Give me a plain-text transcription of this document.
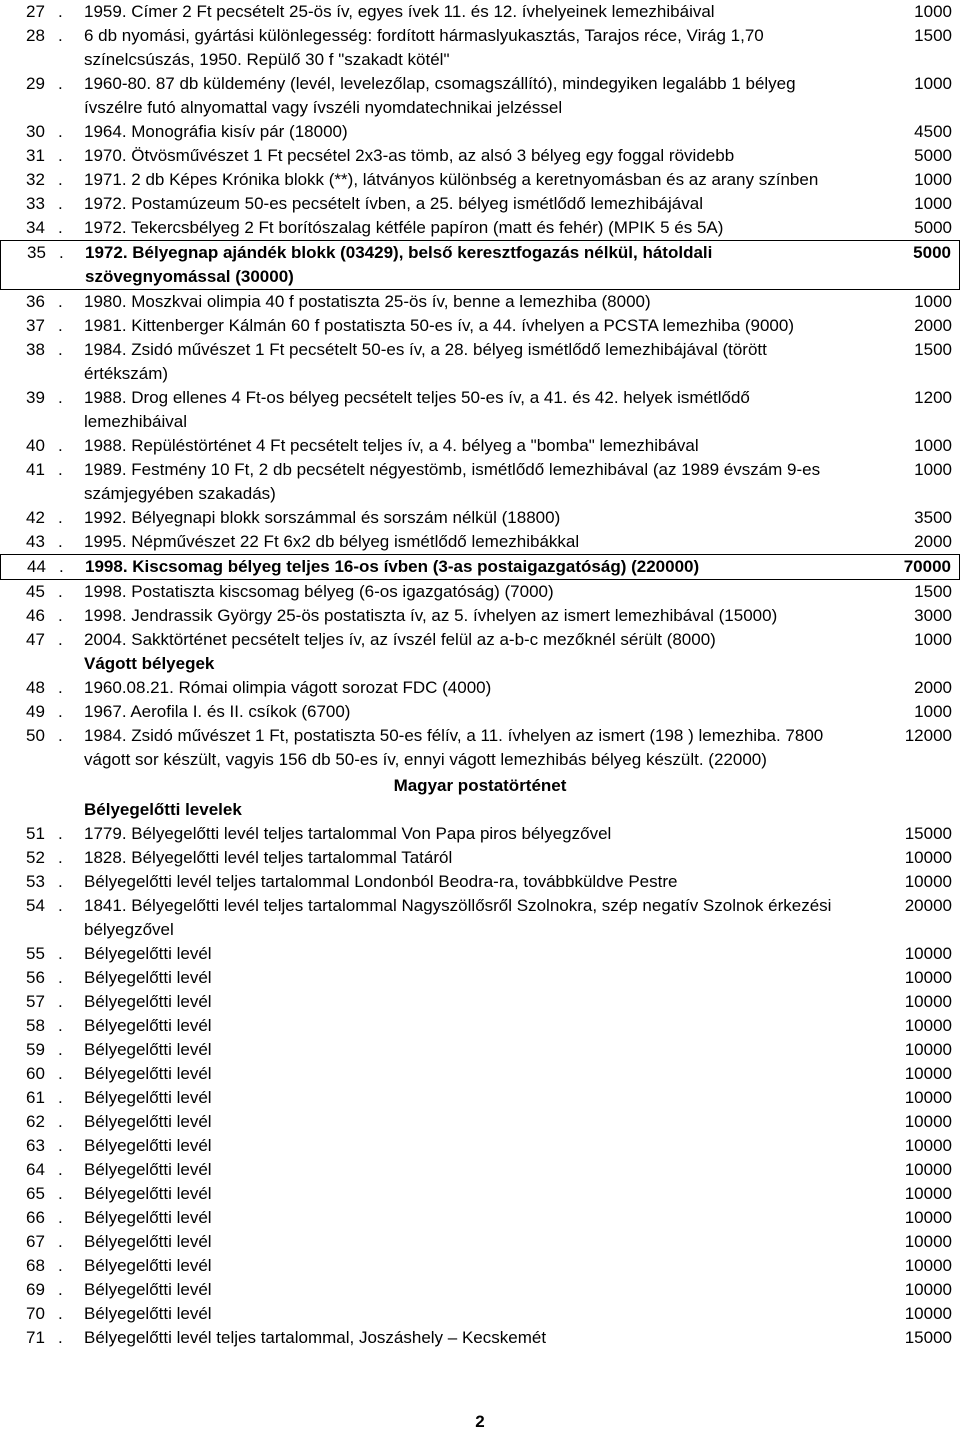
27 .	1959. Címer 2 Ft pecsételt 25-ös ív, egyes ívek 11. és 12. ívhelyeinek lemezhibáival	1000
28 .	6 db nyomási, gyártási különlegesség: fordított hármaslyukasztás, Tarajos réce, Virág 1,70 színelcsúszás, 1950. Repülő 30 f "szakadt kötél"
1500
29 .	1960-80. 87 db küldemény (levél, levelezőlap, csomagszállító), mindegyiken legalább 1 bélyeg ívszélre futó alnyomattal vagy ívszéli nyomdatechnikai jelzéssel
1000
30 .	1964. Monográfia kisív pár (18000)	4500
31 .	1970. Ötvösművészet 1 Ft pecsétel 2x3-as tömb, az alsó 3 bélyeg egy foggal rövidebb	5000
32 .	1971. 2 db Képes Krónika blokk (**), látványos különbség a keretnyomásban és az arany színben	1000
33 .	1972. Postamúzeum 50-es pecsételt ívben, a 25. bélyeg ismétlődő lemezhibájával	1000
34 .	1972. Tekercsbélyeg 2 Ft borítószalag kétféle papíron (matt és fehér) (MPIK 5 és 5A)	5000
35 .	1972. Bélyegnap ajándék blokk (03429), belső keresztfogazás nélkül, hátoldali szövegnyomással (30000)
5000
36 .	1980. Moszkvai olimpia 40 f postatiszta 25-ös ív, benne a lemezhiba (8000)	1000
37 .	1981. Kittenberger Kálmán 60 f postatiszta 50-es ív, a 44. ívhelyen a PCSTA lemezhiba (9000)	2000
38 .	1984. Zsidó művészet 1 Ft pecsételt 50-es ív, a 28. bélyeg ismétlődő lemezhibájával (törött értékszám)
1500
39 .	1988. Drog ellenes 4 Ft-os bélyeg pecsételt teljes 50-es ív, a 41. és 42. helyek ismétlődő lemezhibáival
1200
40 .	1988. Repüléstörténet 4 Ft pecsételt teljes ív, a 4. bélyeg a "bomba" lemezhibával	1000
41 .	1989. Festmény 10 Ft, 2 db pecsételt négyestömb, ismétlődő lemezhibával (az 1989 évszám 9-es számjegyében szakadás)
1000
42 .	1992. Bélyegnapi blokk sorszámmal és sorszám nélkül (18800)	3500
43 .	1995. Népművészet 22 Ft 6x2 db bélyeg ismétlődő lemezhibákkal	2000
44 .	1998. Kiscsomag bélyeg teljes 16-os ívben (3-as postaigazgatóság) (220000)	70000
45 .	1998. Postatiszta kiscsomag bélyeg (6-os igazgatóság) (7000)	1500
46 .	1998. Jendrassik György 25-ös postatiszta ív, az 5. ívhelyen az ismert lemezhibával (15000)	3000
47 .	2004. Sakktörténet pecsételt teljes ív, az ívszél felül az a-b-c mezőknél sérült (8000)	1000
Vágott bélyegek
48 .	1960.08.21. Római olimpia vágott sorozat FDC (4000)	2000
49 .	1967. Aerofila I. és II. csíkok (6700)	1000
50 .	1984. Zsidó művészet 1 Ft, postatiszta 50-es félív, a 11. ívhelyen az ismert (198 ) lemezhiba. 7800 vágott sor készült, vagyis 156 db 50-es ív, ennyi vágott lemezhibás bélyeg készült. (22000)
12000
Magyar postatörténet
Bélyegelőtti levelek
51 .	1779. Bélyegelőtti levél teljes tartalommal Von Papa piros bélyegzővel	15000
52 .	1828. Bélyegelőtti levél teljes tartalommal Tatáról	10000
53 .	Bélyegelőtti levél teljes tartalommal Londonból Beodra-ra, továbbküldve Pestre	10000
54 .	1841. Bélyegelőtti levél teljes tartalommal Nagyszöllősről Szolnokra, szép negatív Szolnok érkezési bélyegzővel
20000
55 .	Bélyegelőtti levél	10000
56 .	Bélyegelőtti levél	10000
57 .	Bélyegelőtti levél	10000
58 .	Bélyegelőtti levél	10000
59 .	Bélyegelőtti levél	10000
60 .	Bélyegelőtti levél	10000
61 .	Bélyegelőtti levél	10000
62 .	Bélyegelőtti levél	10000
63 .	Bélyegelőtti levél	10000
64 .	Bélyegelőtti levél	10000
65 .	Bélyegelőtti levél	10000
66 .	Bélyegelőtti levél	10000
67 .	Bélyegelőtti levél	10000
68 .	Bélyegelőtti levél	10000
69 .	Bélyegelőtti levél	10000
70 .	Bélyegelőtti levél	10000
71 .	Bélyegelőtti levél teljes tartalommal, Joszáshely – Kecskemét	15000
2
